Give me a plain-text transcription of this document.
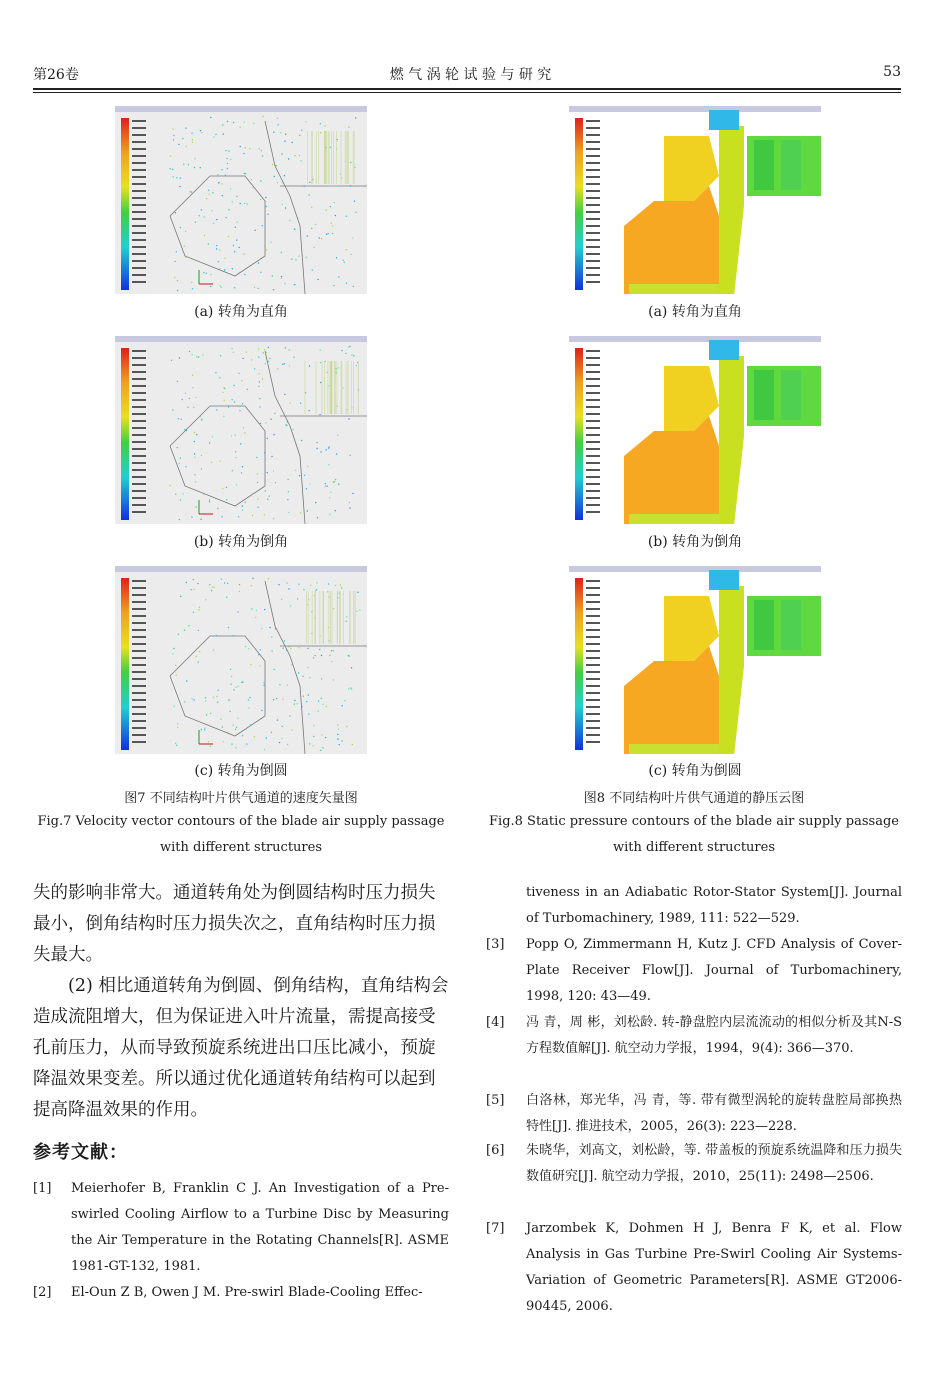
第26卷	燃 气 涡 轮 试 验 与 研 究	53
(a) 转角为直角
(b) 转角为倒角
(c) 转角为倒圆
(a) 转角为直角
(b) 转角为倒角
(c) 转角为倒圆
图7 不同结构叶片供气通道的速度矢量图
Fig.7 Velocity vector contours of the blade air supply passage
with different structures
图8 不同结构叶片供气通道的静压云图
Fig.8 Static pressure contours of the blade air supply passage
with different structures

失的影响非常大。通道转角处为倒圆结构时压力损失最小，倒角结构时压力损失次之，直角结构时压力损失最大。

(2) 相比通道转角为倒圆、倒角结构，直角结构会造成流阻增大，但为保证进入叶片流量，需提高接受孔前压力，从而导致预旋系统进出口压比减小，预旋降温效果变差。所以通过优化通道转角结构可以起到提高降温效果的作用。

参考文献：
[1] Meierhofer B, Franklin C J. An Investigation of a Pre-swirled Cooling Airflow to a Turbine Disc by Measuring the Air Temperature in the Rotating Channels[R]. ASME 1981-GT-132, 1981.
[2] El-Oun Z B, Owen J M. Pre-swirl Blade-Cooling Effec-
tiveness in an Adiabatic Rotor-Stator System[J]. Journal of Turbomachinery, 1989, 111: 522—529.
[3] Popp O, Zimmermann H, Kutz J. CFD Analysis of Cover-Plate Receiver Flow[J]. Journal of Turbomachinery, 1998, 120: 43—49.
[4] 冯 青，周 彬，刘松龄. 转-静盘腔内层流流动的相似分析及其N-S方程数值解[J]. 航空动力学报，1994，9(4): 366—370.
[5] 白洛林，郑光华，冯 青，等. 带有微型涡轮的旋转盘腔局部换热特性[J]. 推进技术，2005，26(3): 223—228.
[6] 朱晓华，刘高文，刘松龄，等. 带盖板的预旋系统温降和压力损失数值研究[J]. 航空动力学报，2010，25(11): 2498—2506.
[7] Jarzombek K, Dohmen H J, Benra F K, et al. Flow Analysis in Gas Turbine Pre-Swirl Cooling Air Systems-Variation of Geometric Parameters[R]. ASME GT2006-90445, 2006.
